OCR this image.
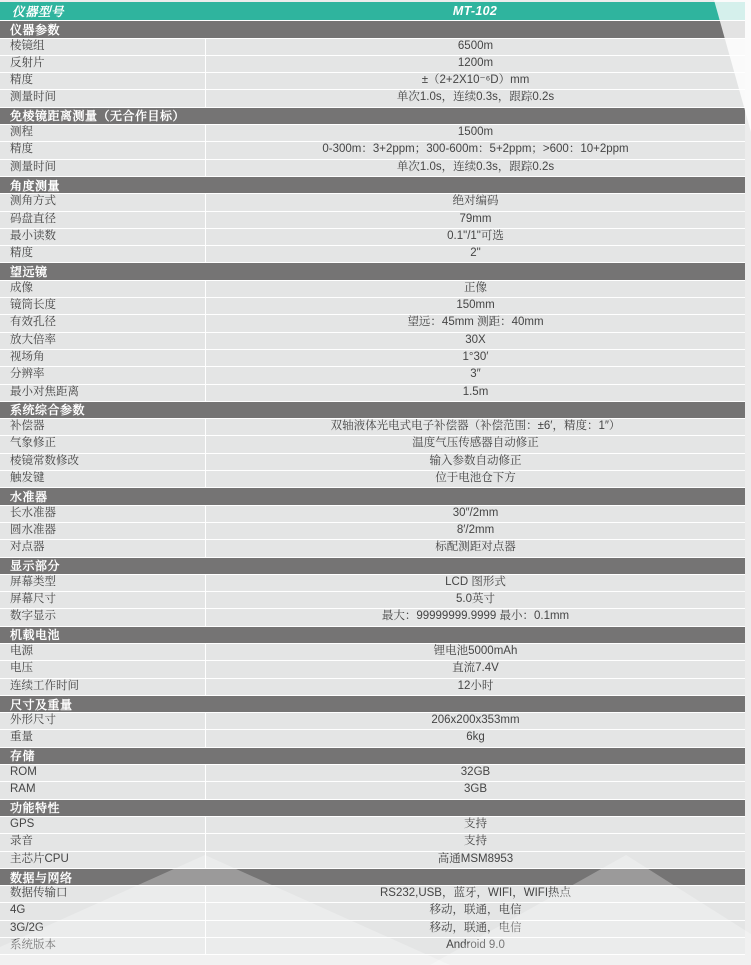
仪器型号	MT-102
仪器参数
棱镜组	6500m
反射片	1200m
精度	±（2+2X10⁻⁶D）mm
测量时间	单次1.0s，连续0.3s，跟踪0.2s
免棱镜距离测量（无合作目标）
测程	1500m
精度	0-300m：3+2ppm；300-600m：5+2ppm；>600：10+2ppm
测量时间	单次1.0s，连续0.3s，跟踪0.2s
角度测量
测角方式	绝对编码
码盘直径	79mm
最小读数	0.1"/1"可选
精度	2"
望远镜
成像	正像
镜筒长度	150mm
有效孔径	望远：45mm 测距：40mm
放大倍率	30X
视场角	1°30′
分辨率	3″
最小对焦距离	1.5m
系统综合参数
补偿器	双轴液体光电式电子补偿器（补偿范围：±6′，精度：1″）
气象修正	温度气压传感器自动修正
棱镜常数修改	输入参数自动修正
触发键	位于电池仓下方
水准器
长水准器	30″/2mm
圆水准器	8′/2mm
对点器	标配测距对点器
显示部分
屏幕类型	LCD 图形式
屏幕尺寸	5.0英寸
数字显示	最大：99999999.9999 最小：0.1mm
机载电池
电源	锂电池5000mAh
电压	直流7.4V
连续工作时间	12小时
尺寸及重量
外形尺寸	206x200x353mm
重量	6kg
存储
ROM	32GB
RAM	3GB
功能特性
GPS	支持
录音	支持
主芯片CPU	高通MSM8953
数据与网络
数据传输口	RS232,USB，蓝牙，WIFI，WIFI热点
4G	移动，联通，电信
3G/2G	移动，联通，电信
系统版本	Android 9.0
